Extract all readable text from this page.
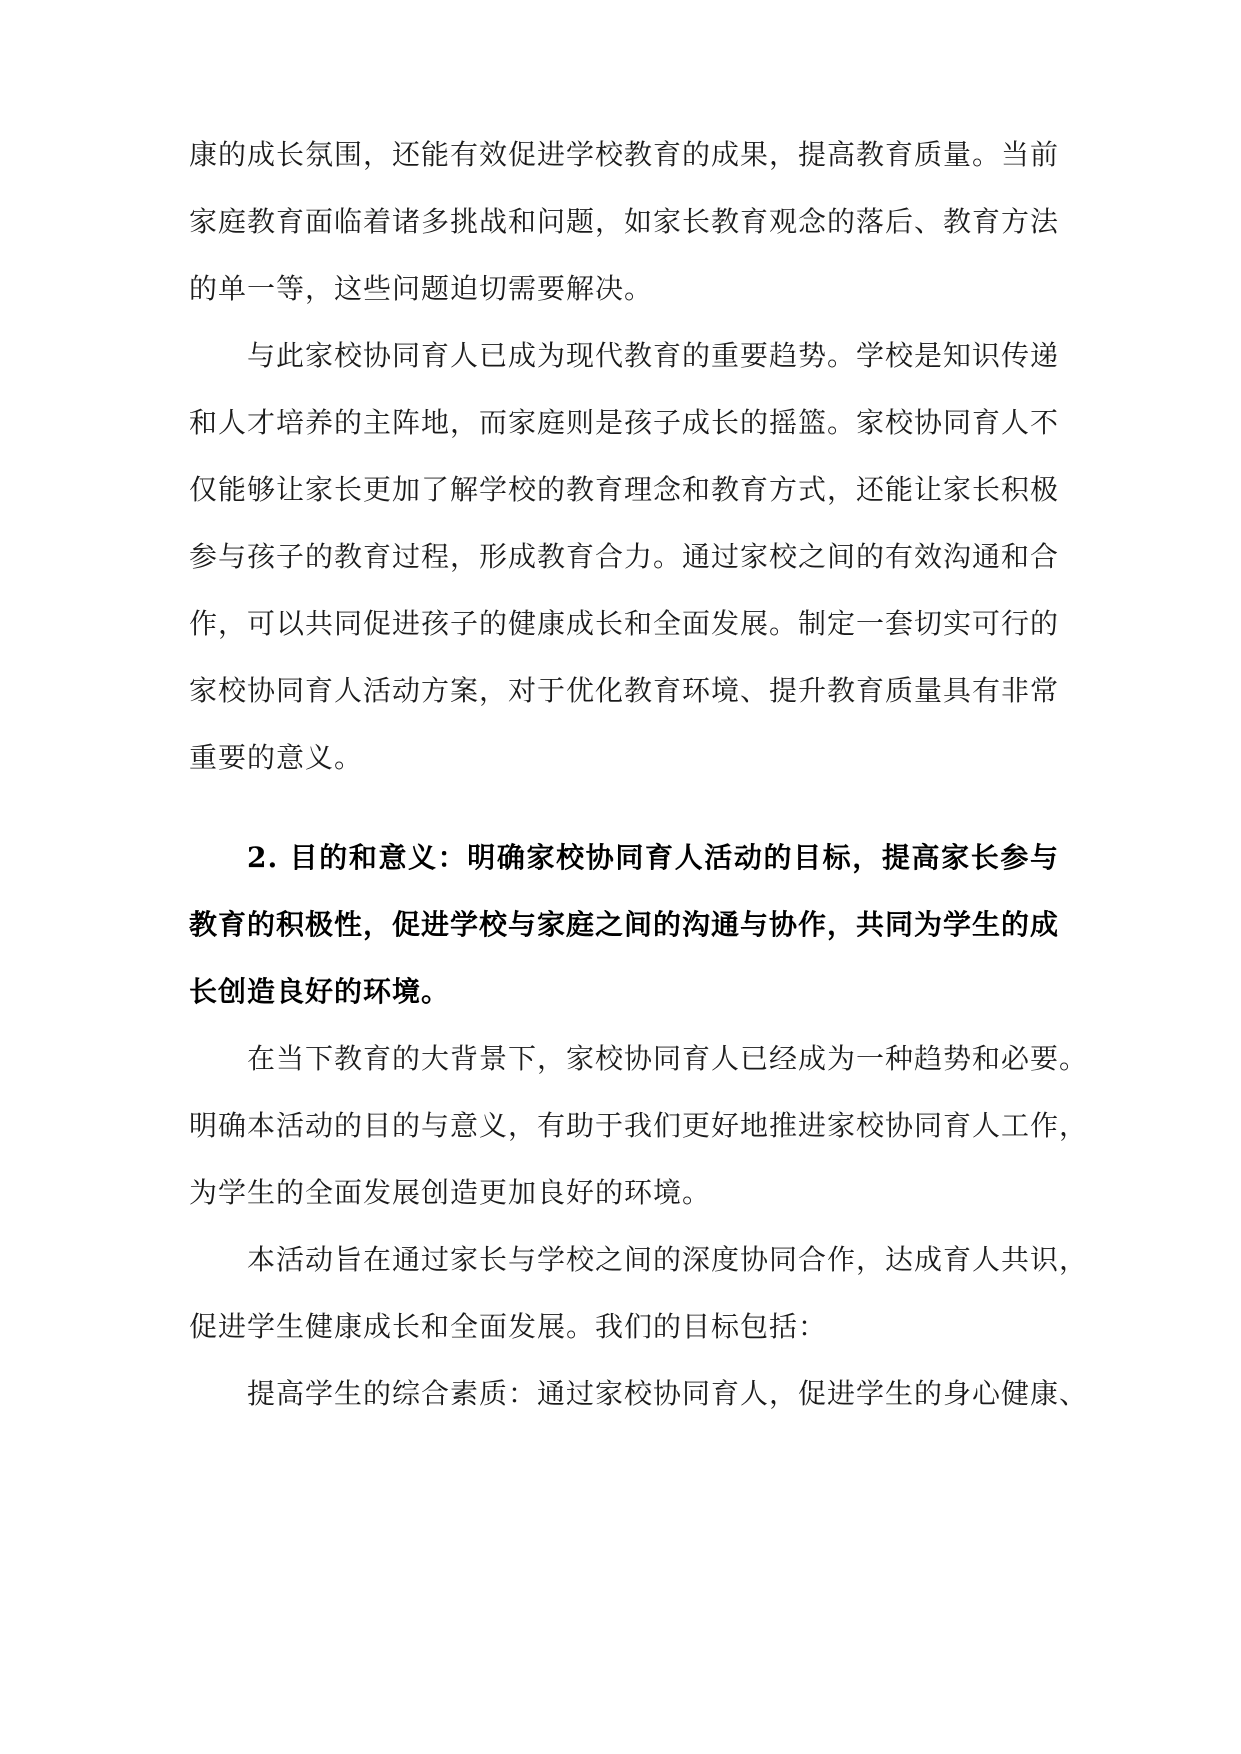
康的成长氛围，还能有效促进学校教育的成果，提高教育质量。当前
家庭教育面临着诸多挑战和问题，如家长教育观念的落后、教育方法
的单一等，这些问题迫切需要解决。
与此家校协同育人已成为现代教育的重要趋势。学校是知识传递
和人才培养的主阵地，而家庭则是孩子成长的摇篮。家校协同育人不
仅能够让家长更加了解学校的教育理念和教育方式，还能让家长积极
参与孩子的教育过程，形成教育合力。通过家校之间的有效沟通和合
作，可以共同促进孩子的健康成长和全面发展。制定一套切实可行的
家校协同育人活动方案，对于优化教育环境、提升教育质量具有非常
重要的意义。
2. 目的和意义：明确家校协同育人活动的目标，提高家长参与
教育的积极性，促进学校与家庭之间的沟通与协作，共同为学生的成
长创造良好的环境。
在当下教育的大背景下，家校协同育人已经成为一种趋势和必要。
明确本活动的目的与意义，有助于我们更好地推进家校协同育人工作，
为学生的全面发展创造更加良好的环境。
本活动旨在通过家长与学校之间的深度协同合作，达成育人共识，
促进学生健康成长和全面发展。我们的目标包括：
提高学生的综合素质：通过家校协同育人，促进学生的身心健康、
